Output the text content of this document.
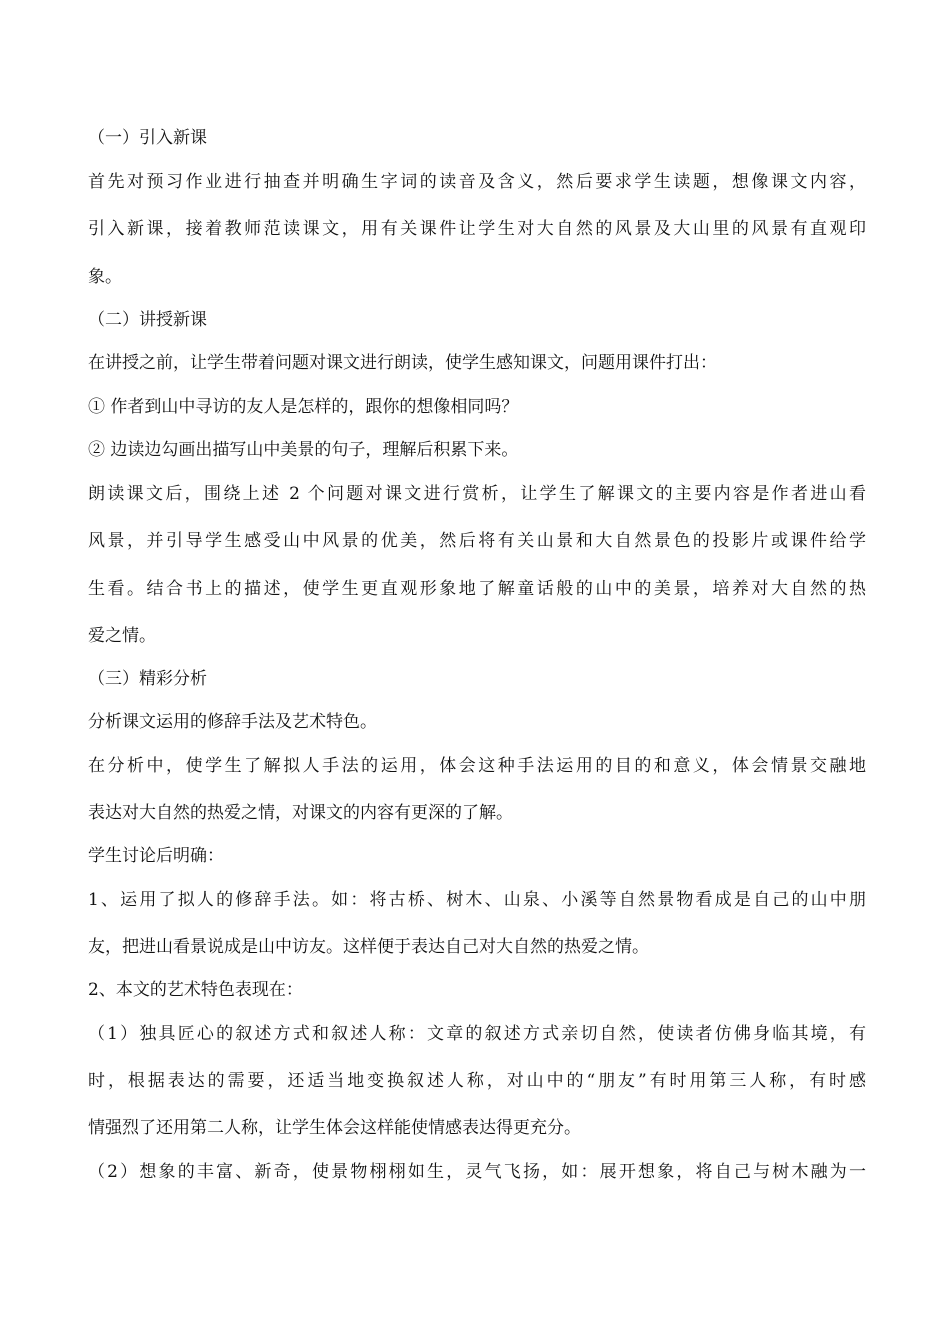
（一）引入新课
首先对预习作业进行抽查并明确生字词的读音及含义，然后要求学生读题，想像课文内容，
引入新课，接着教师范读课文，用有关课件让学生对大自然的风景及大山里的风景有直观印
象。
（二）讲授新课
在讲授之前，让学生带着问题对课文进行朗读，使学生感知课文，问题用课件打出：
① 作者到山中寻访的友人是怎样的，跟你的想像相同吗？
② 边读边勾画出描写山中美景的句子，理解后积累下来。
朗读课文后，围绕上述 2 个问题对课文进行赏析，让学生了解课文的主要内容是作者进山看
风景，并引导学生感受山中风景的优美，然后将有关山景和大自然景色的投影片或课件给学
生看。结合书上的描述，使学生更直观形象地了解童话般的山中的美景，培养对大自然的热
爱之情。
（三）精彩分析
分析课文运用的修辞手法及艺术特色。
在分析中，使学生了解拟人手法的运用，体会这种手法运用的目的和意义，体会情景交融地
表达对大自然的热爱之情，对课文的内容有更深的了解。
学生讨论后明确：
1、运用了拟人的修辞手法。如：将古桥、树木、山泉、小溪等自然景物看成是自己的山中朋
友，把进山看景说成是山中访友。这样便于表达自己对大自然的热爱之情。
2、本文的艺术特色表现在：
（1）独具匠心的叙述方式和叙述人称：文章的叙述方式亲切自然，使读者仿佛身临其境，有
时，根据表达的需要，还适当地变换叙述人称，对山中的“朋友”有时用第三人称，有时感
情强烈了还用第二人称，让学生体会这样能使情感表达得更充分。
（2）想象的丰富、新奇，使景物栩栩如生，灵气飞扬，如：展开想象，将自己与树木融为一
